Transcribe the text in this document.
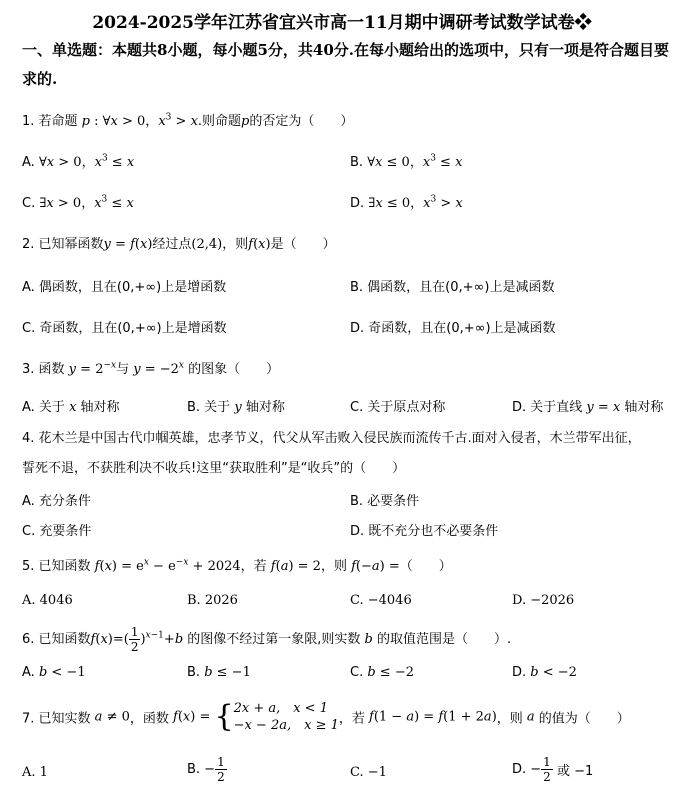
2024-2025学年江苏省宜兴市高一11月期中调研考试数学试卷❖
一、单选题：本题共8小题，每小题5分，共40分.在每小题给出的选项中，只有一项是符合题目要求的.
1. 若命题 p : ∀x > 0，$x^3 > x$.则命题p的否定为（　　）
A. ∀x > 0，$x^3 \le x$	B. ∀x ≤ 0，$x^3 \le x$
C. ∃x > 0，$x^3 \le x$	D. ∃x ≤ 0，$x^3 > x$
2. 已知幂函数y = f(x)经过点(2,4)，则f(x)是（　　）
A. 偶函数，且在(0,+∞)上是增函数	B. 偶函数，且在(0,+∞)上是减函数
C. 奇函数，且在(0,+∞)上是增函数	D. 奇函数，且在(0,+∞)上是减函数
3. 函数 $y = 2^{-x}$与 $y = -2^x$ 的图象（　　）
A. 关于 x 轴对称	B. 关于 y 轴对称	C. 关于原点对称	D. 关于直线 y = x 轴对称
4. 花木兰是中国古代巾帼英雄，忠孝节义，代父从军击败入侵民族而流传千古.面对入侵者，木兰带军出征，
誓死不退，不获胜利决不收兵!这里“获取胜利”是“收兵”的（　　）
A. 充分条件	B. 必要条件
C. 充要条件	D. 既不充分也不必要条件
5. 已知函数 $f(x) = e^x - e^{-x} + 2024$，若 f(a) = 2，则 f(−a) =（　　）
A. 4046	B. 2026	C. −4046	D. −2026
6. 已知函数$f(x)=( \frac{1}{2} )^{x-1}+b$ 的图像不经过第一象限,则实数 b 的取值范围是（　　）.
A. b < −1	B. b ≤ −1	C. b ≤ −2	D. b < −2
7. 已知实数 a ≠ 0，函数 f(x) = { 2x + a,　x < 1
−x − 2a,　x ≥ 1 ，若 f(1 − a) = f(1 + 2a)，则 a 的值为（　　）
A. 1	B. − $\frac{1}{2}$	C. −1	D. − $\frac{1}{2}$ 或 −1
